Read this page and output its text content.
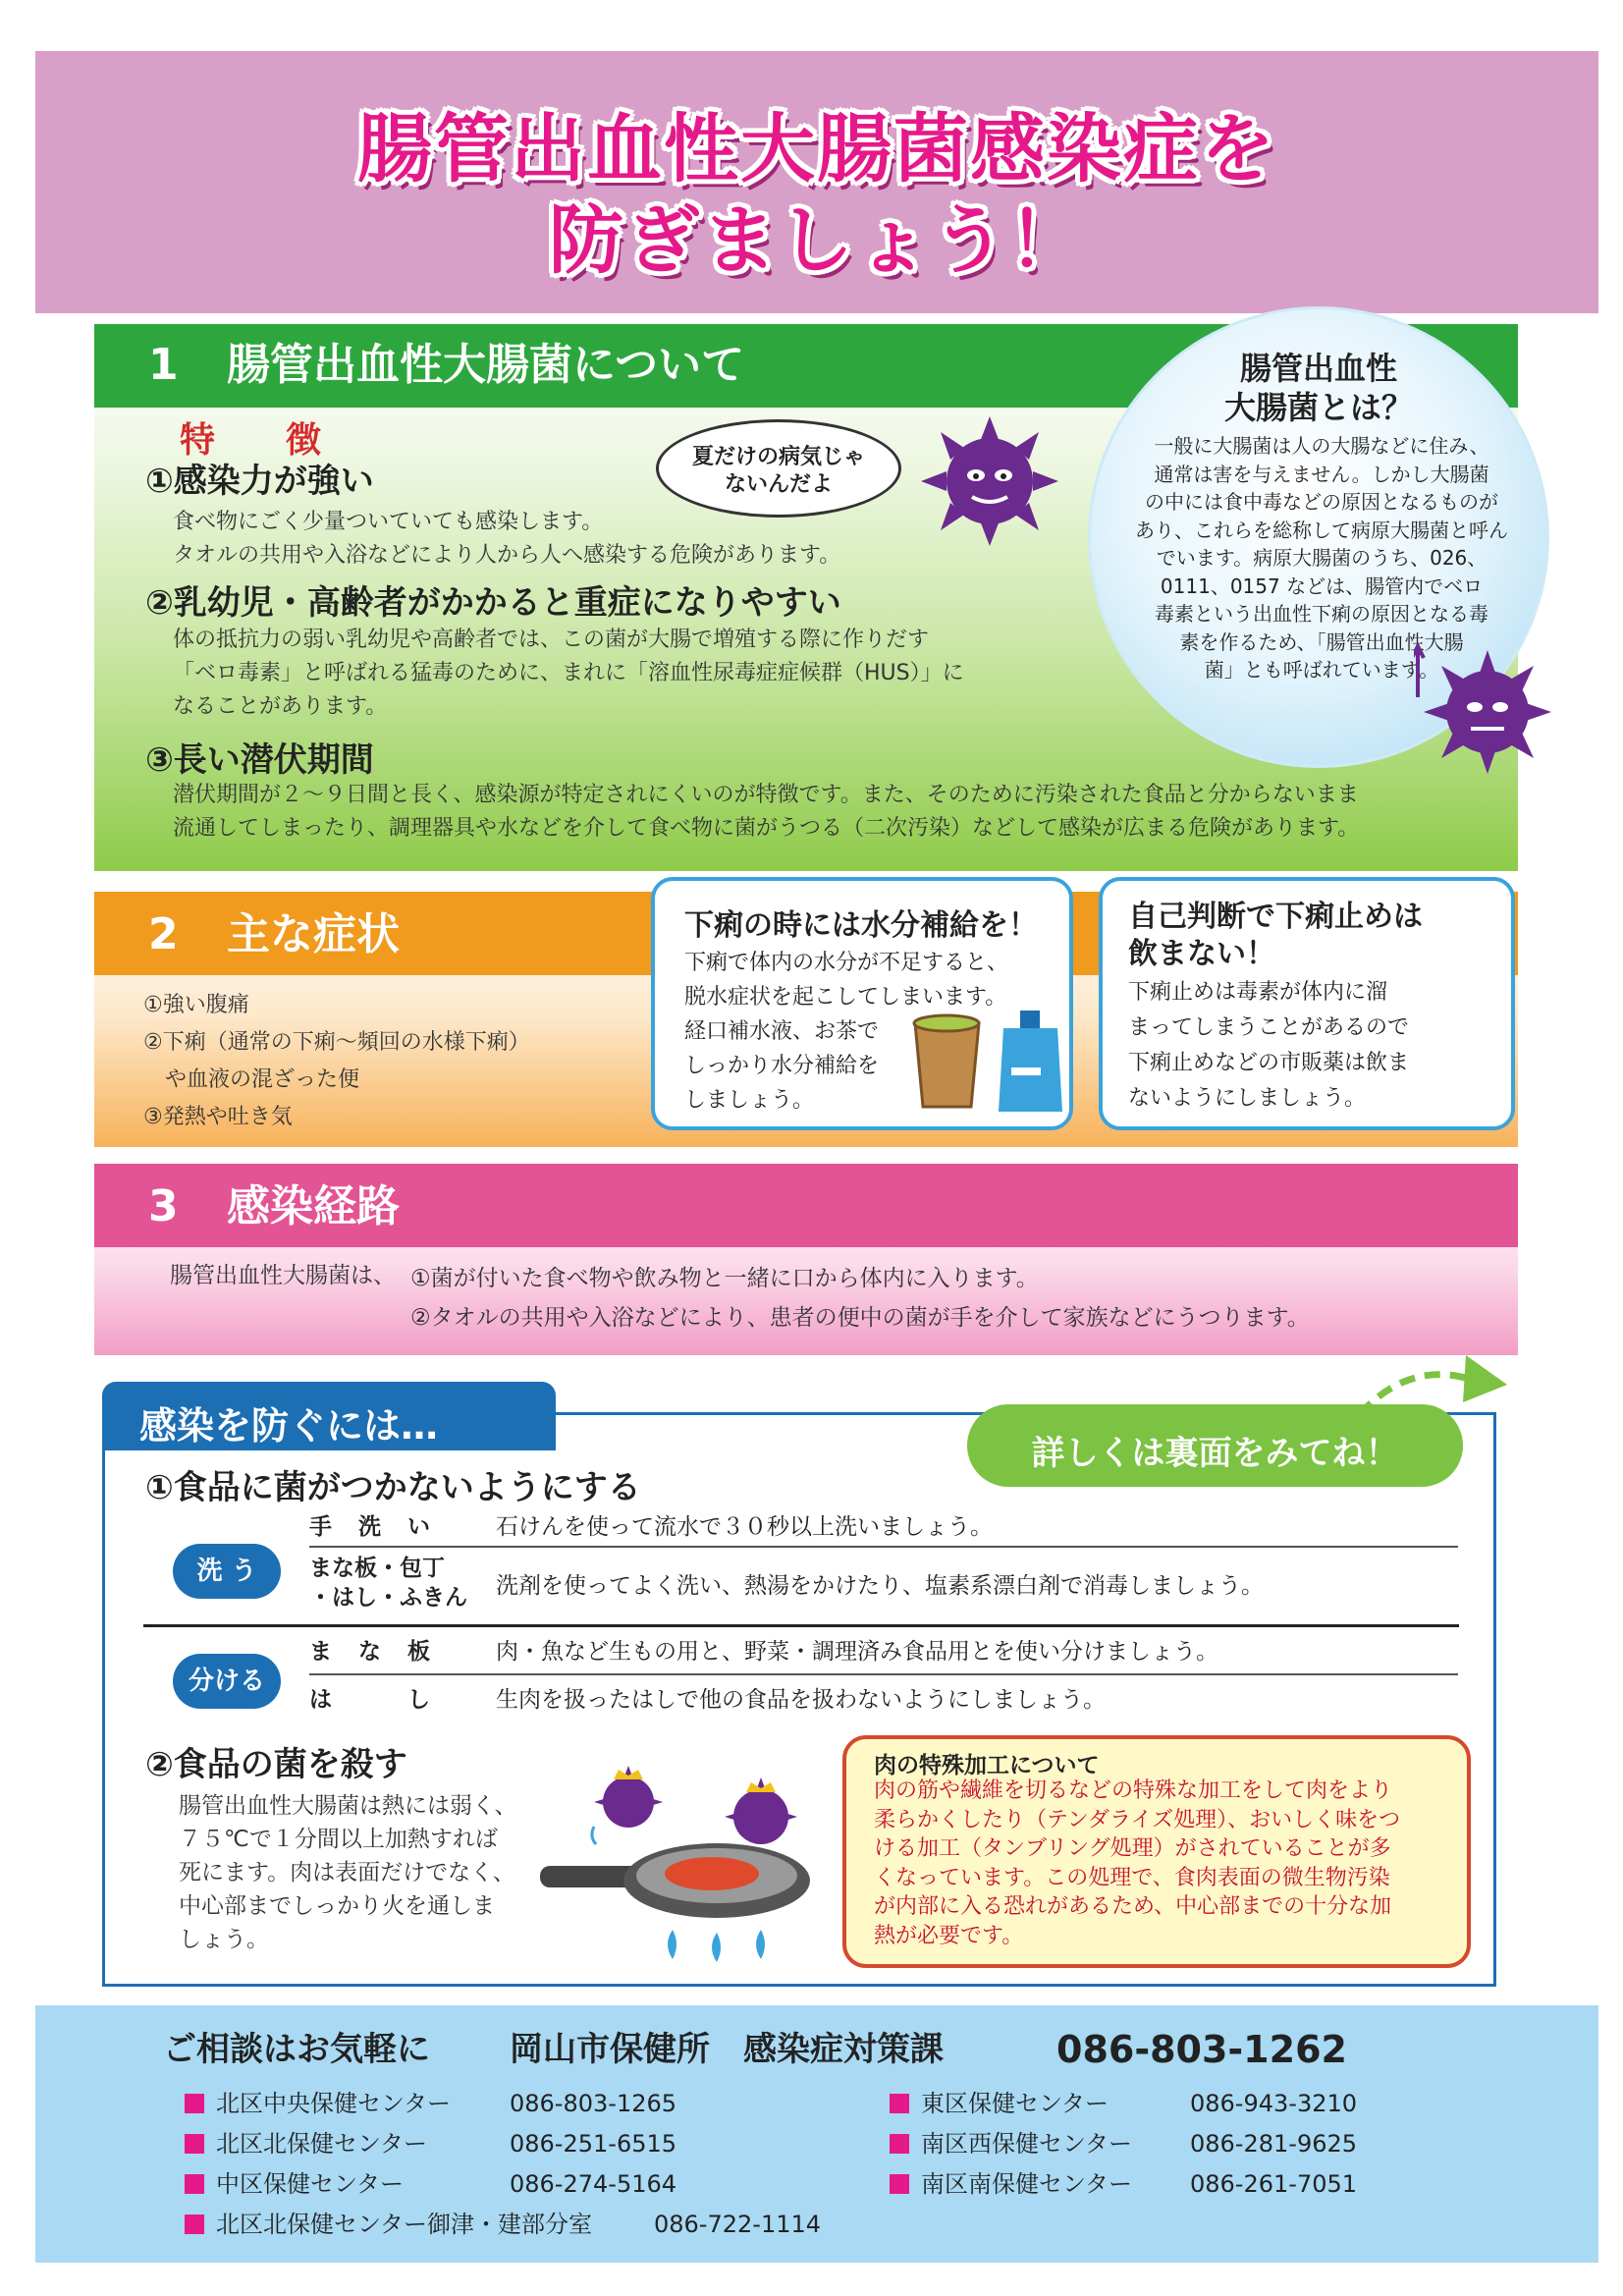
腸管出血性大腸菌感染症を
防ぎましょう！
1 腸管出血性大腸菌について
特　徴
①感染力が強い
食べ物にごく少量ついていても感染します。
タオルの共用や入浴などにより人から人へ感染する危険があります。
②乳幼児・高齢者がかかると重症になりやすい
体の抵抗力の弱い乳幼児や高齢者では、この菌が大腸で増殖する際に作りだす
「ベロ毒素」と呼ばれる猛毒のために、まれに「溶血性尿毒症症候群（HUS）」に
なることがあります。
③長い潜伏期間
潜伏期間が２〜９日間と長く、感染源が特定されにくいのが特徴です。また、そのために汚染された食品と分からないまま
流通してしまったり、調理器具や水などを介して食べ物に菌がうつる（二次汚染）などして感染が広まる危険があります。
夏だけの病気じゃ
ないんだよ
腸管出血性
大腸菌とは？
一般に大腸菌は人の大腸などに住み、
通常は害を与えません。しかし大腸菌
の中には食中毒などの原因となるものが
あり、これらを総称して病原大腸菌と呼ん
でいます。病原大腸菌のうち、026、
0111、0157 などは、腸管内でベロ
毒素という出血性下痢の原因となる毒
素を作るため、「腸管出血性大腸
菌」とも呼ばれています。
2 主な症状
①強い腹痛
②下痢（通常の下痢〜頻回の水様下痢）
　や血液の混ざった便
③発熱や吐き気
下痢の時には水分補給を！
下痢で体内の水分が不足すると、
脱水症状を起こしてしまいます。
経口補水液、お茶で
しっかり水分補給を
しましょう。
自己判断で下痢止めは
飲まない！
下痢止めは毒素が体内に溜
まってしまうことがあるので
下痢止めなどの市販薬は飲ま
ないようにしましょう。
3 感染経路
腸管出血性大腸菌は、 ①菌が付いた食べ物や飲み物と一緒に口から体内に入ります。
②タオルの共用や入浴などにより、患者の便中の菌が手を介して家族などにうつります。
感染を防ぐには…
詳しくは裏面をみてね！
①食品に菌がつかないようにする
洗 う
手　洗　い	石けんを使って流水で３０秒以上洗いましょう。
まな板・包丁
・はし・ふきん 洗剤を使ってよく洗い、熱湯をかけたり、塩素系漂白剤で消毒しましょう。
分ける
ま　な　板	肉・魚など生もの用と、野菜・調理済み食品用とを使い分けましょう。
は　　　し	生肉を扱ったはしで他の食品を扱わないようにしましょう。
②食品の菌を殺す
腸管出血性大腸菌は熱には弱く、
７５℃で１分間以上加熱すれば
死にます。肉は表面だけでなく、
中心部までしっかり火を通しま
しょう。
肉の特殊加工について
肉の筋や繊維を切るなどの特殊な加工をして肉をより
柔らかくしたり（テンダライズ処理）、おいしく味をつ
ける加工（タンブリング処理）がされていることが多
くなっています。この処理で、食肉表面の微生物汚染
が内部に入る恐れがあるため、中心部までの十分な加
熱が必要です。
ご相談はお気軽に 岡山市保健所　感染症対策課	086-803-1262
北区中央保健センター 086-803-1265
北区北保健センター	086-251-6515
中区保健センター	086-274-5164
北区北保健センター御津・建部分室	086-722-1114
東区保健センター	086-943-3210
南区西保健センター 086-281-9625
南区南保健センター 086-261-7051
